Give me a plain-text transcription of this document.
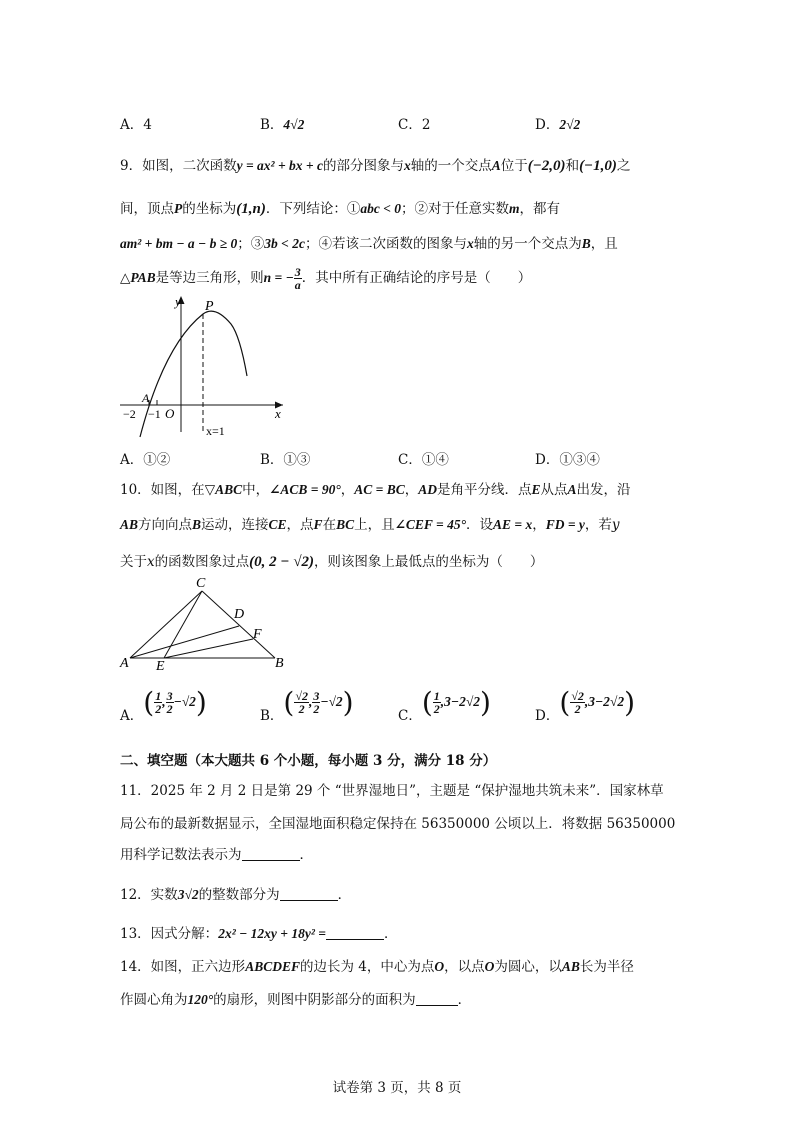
A．4	B．4√2	C．2	D．2√2
9．如图，二次函数y = ax² + bx + c的部分图象与x轴的一个交点A位于(−2,0)和(−1,0)之
间，顶点P的坐标为(1,n)．下列结论：①abc < 0；②对于任意实数m，都有
am² + bm − a − b ≥ 0；③3b < 2c；④若该二次函数的图象与x轴的另一个交点为B，且
△PAB是等边三角形，则n = − $\frac{3}{a}$ ．其中所有正确结论的序号是（　　）
y P
A
−2 −1 O	x
x=1
A．①②	B．①③	C．①④	D．①③④
10．如图，在▽ABC中，∠ACB = 90°，AC = BC，AD是角平分线．点E从点A出发，沿
AB方向向点B运动，连接CE，点F在BC上，且∠CEF = 45°．设AE = x，FD = y，若y
关于x的函数图象过点(0, 2 − √2)，则该图象上最低点的坐标为（　　）
C
D
F
A E	B
A．( $\frac{1}{2}$ , $\frac{3}{2} -√2$)	B．( $\frac{√2}{2}$ , $\frac{3}{2} -√2$)	C．( $\frac{1}{2} ,3-2√2$)	D．( $\frac{√2}{2} ,3-2√2$)
二、填空题（本大题共 6 个小题，每小题 3 分，满分 18 分）
11．2025 年 2 月 2 日是第 29 个 “世界湿地日”，主题是 “保护湿地共筑未来”．国家林草
局公布的最新数据显示，全国湿地面积稳定保持在 56350000 公顷以上．将数据 56350000
用科学记数法表示为	．
12．实数3√2的整数部分为	．
13．因式分解：2x² − 12xy + 18y² =	．
14．如图，正六边形ABCDEF的边长为 4，中心为点O，以点O为圆心，以AB长为半径
作圆心角为120°的扇形，则图中阴影部分的面积为	．
试卷第 3 页，共 8 页
